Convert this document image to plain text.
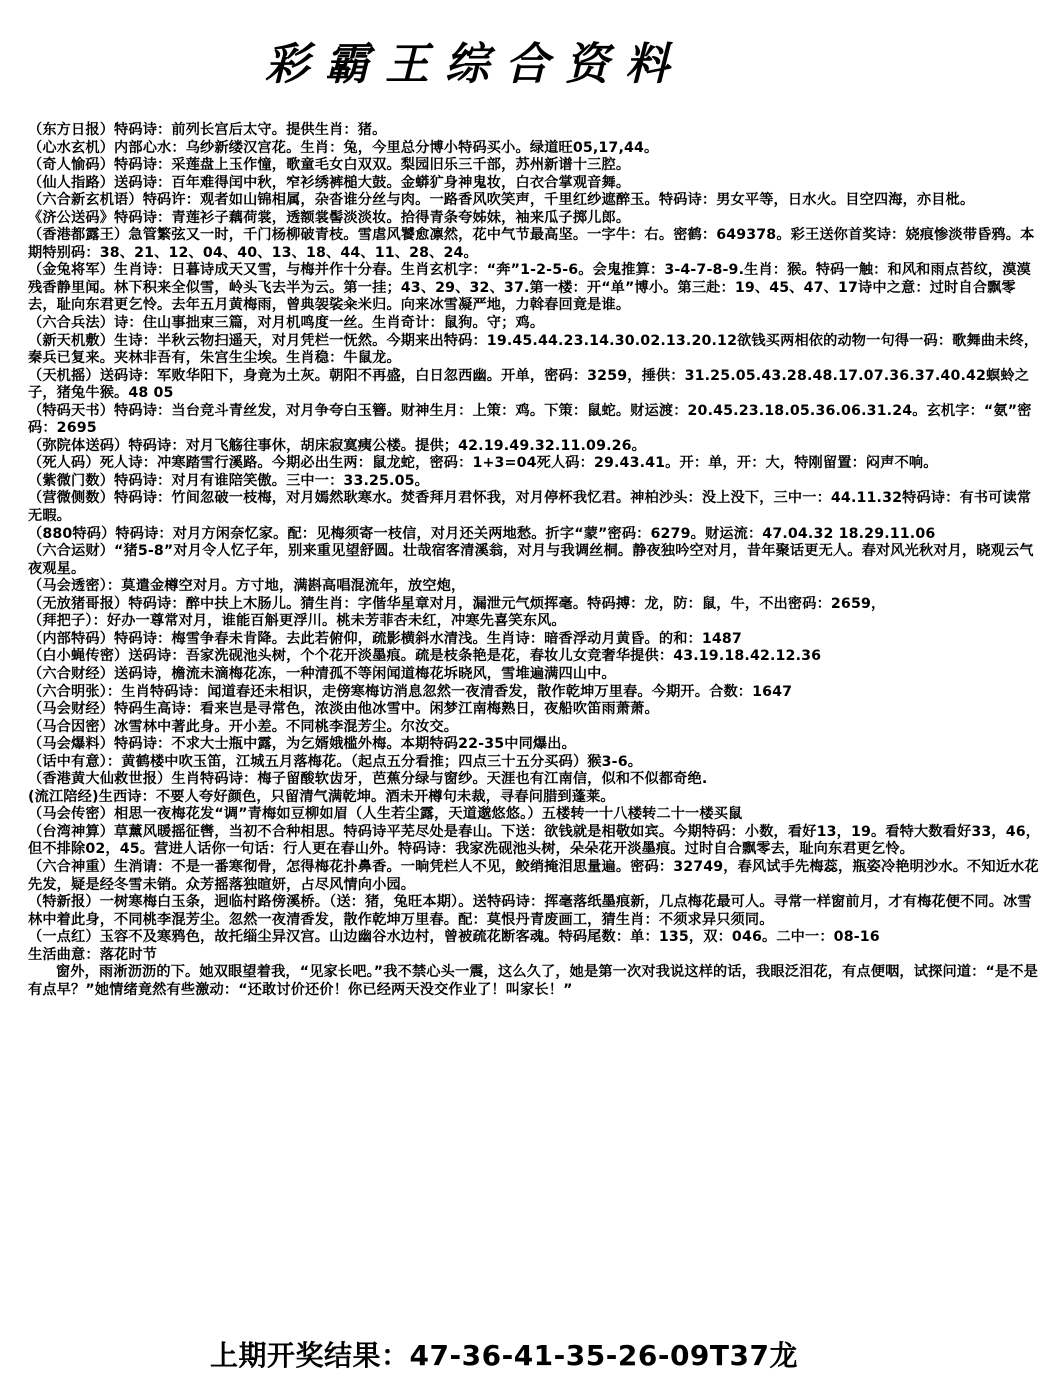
彩霸王综合资料

（东方日报）特码诗：前列长宫后太守。提供生肖：猪。

（心水玄机）内部心水：乌纱新缕汉宫花。生肖：兔，今里总分博小特码买小。绿道旺05,17,44。

（奇人愉码）特码诗：采莲盘上玉作憧，歌童毛女白双双。梨园旧乐三千部，苏州新谱十三腔。

（仙人指路）送码诗：百年难得闰中秋，窄衫绣裤槌大鼓。金蟒犷身神鬼妆，白衣合掌观音舞。

（六合新玄机语）特码许：观者如山锦相属，杂沓谁分丝与肉。一路香风吹笑声，千里红纱遮醉玉。特码诗：男女平等，日水火。目空四海，亦目枇。

《济公送码》特码诗：青莲衫子藕荷裳，透额裳髻淡淡妆。拾得青条夸姊妹，袖来瓜子掷儿郎。

（香港都露王）急管繁弦又一时，千门杨柳破青枝。雪虐风饕愈凛然，花中气节最高坚。一字牛：右。密鹤：649378。彩王送你首奖诗：娆痕惨淡带昏鸦。本期特别码：38、21、12、04、40、13、18、44、11、28、24。

（金兔将军）生肖诗：日暮诗成天又雪，与梅并作十分春。生肖玄机字：“奔”1-2-5-6。会鬼推算：3-4-7-8-9.生肖：猴。特码一触：和风和雨点苔纹，漠漠残香静里闻。林下积来全似雪，岭头飞去半为云。第一挂；43、29、32、37.第一楼：开“单”博小。第三赴：19、45、47、17诗中之意：过时自合飘零去，耻向东君更乞怜。去年五月黄梅雨，曾典袈裟籴米归。向来冰雪凝严地，力斡春回竟是谁。

（六合兵法）诗：住山事拙束三篇，对月机鸣度一丝。生肖奇计：鼠狗。守；鸡。

（新天机敷）生诗：半秋云物扫遥天，对月凭栏一怃然。今期来出特码：19.45.44.23.14.30.02.13.20.12欲钱买两相依的动物一句得一码：歌舞曲未终，秦兵已复来。夹林非吾有，朱宫生尘埃。生肖稳：牛鼠龙。

（天机摇）送码诗：军败华阳下，身竟为土灰。朝阳不再盛，白日忽西幽。开单，密码：3259，捶供：31.25.05.43.28.48.17.07.36.37.40.42螟蛉之子，猪兔牛猴。48 05

（特码天书）特码诗：当台竞斗青丝发，对月争夸白玉簪。财神生月：上策：鸡。下策：鼠蛇。财运渡：20.45.23.18.05.36.06.31.24。玄机字：“氨”密码：2695

（弥院体送码）特码诗：对月飞觞往事休，胡床寂寞痍公楼。提供；42.19.49.32.11.09.26。

（死人码）死人诗：冲寒踏雪行溪路。今期必出生两：鼠龙蛇，密码：1+3=04死人码：29.43.41。开：单，开：大，特刚留置：闷声不响。

（紫微门数）特码诗：对月有谁陪笑傲。三中一：33.25.05。

（营微侧数）特码诗：竹间忽破一枝梅，对月嫣然耿寒水。焚香拜月君怀我，对月停杯我忆君。神柏沙头：没上没下，三中一：44.11.32特码诗：有书可读常无暇。

（880特码）特码诗：对月方闲奈忆家。配：见梅须寄一枝信，对月还关两地愁。折字“蒙”密码：6279。财运流：47.04.32 18.29.11.06

（六合运财）“猪5-8”对月令人忆子年，别来重见望舒圆。壮哉宿客清溪翁，对月与我调丝桐。静夜独吟空对月，昔年聚话更无人。春对风光秋对月，晓观云气夜观星。

（马会透密）：莫遣金樽空对月。方寸地，满斟高唱混流年，放空炮，

（无放猪哥报）特码诗：醉中扶上木肠儿。猜生肖：字偕华星章对月，漏泄元气烦挥毫。特码搏：龙，防：鼠，牛，不出密码：2659，

（拜把子）：好办一尊常对月，谁能百斛更浮川。桃未芳菲杏未红，冲寒先喜笑东风。

（内部特码）特码诗：梅雪争春未肯降。去此若俯仰，疏影横斜水清浅。生肖诗：暗香浮动月黄昏。的和：1487

（白小蝇传密）送码诗：吾家洗砚池头树，个个花开淡墨痕。疏是枝条艳是花，春妆儿女竞奢华提供：43.19.18.42.12.36

（六合财经）送码诗，檐流未滴梅花冻，一种清孤不等闲闻道梅花坼晓风，雪堆遍满四山中。

（六合明张）：生肖特码诗：闻道春还未相识，走傍寒梅访消息忽然一夜清香发，散作乾坤万里春。今期开。合数：1647

（马会财经）特码生高诗：看来岂是寻常色，浓淡由他冰雪中。闲梦江南梅熟日，夜船吹笛雨萧萧。

（马合因密）冰雪林中著此身。开小差。不同桃李混芳尘。尔汝交。

（马会爆料）特码诗：不求大士瓶中露，为乞婿娥槛外梅。本期特码22-35中同爆出。

（话中有意）：黄鹤楼中吹玉笛，江城五月落梅花。（起点五分看推；四点三十五分买码）猴3-6。

（香港黄大仙救世报）生肖特码诗：梅子留酸软齿牙，芭蕉分绿与窗纱。天涯也有江南信，似和不似都奇绝.

(流江陪经)生西诗：不要人夸好颜色，只留清气满乾坤。酒未开樽句未裁，寻春问腊到蓬莱。

（马会传密）相思一夜梅花发“调”青梅如豆柳如眉（人生若尘露，天道邈悠悠。）五楼转一十八楼转二十一楼买鼠

（台湾神算）草薰风暖摇征辔，当初不合种相思。特码诗平芜尽处是春山。下送：欲钱就是相敬如宾。今期特码：小数，看好13，19。看特大数看好33，46，但不排除02，45。营进人话你一句话：行人更在春山外。特码诗：我家洗砚池头树，朵朵花开淡墨痕。过时自合飘零去，耻向东君更乞怜。

（六合神重）生消请：不是一番寒彻骨，怎得梅花扑鼻香。一晌凭栏人不见，鲛绡掩泪思量遍。密码：32749，春风试手先梅蕊，瓶姿冷艳明沙水。不知近水花先发，疑是经冬雪未销。众芳摇落独暄妍，占尽风情向小园。

（特新报）一树寒梅白玉条，迥临村路傍溪桥。（送：猪，兔旺本期）。送特码诗：挥毫落纸墨痕新，几点梅花最可人。寻常一样窗前月，才有梅花便不同。冰雪林中着此身，不同桃李混芳尘。忽然一夜清香发，散作乾坤万里春。配：莫恨丹青废画工，猜生肖：不须求异只须同。

（一点红）玉容不及寒鸦色，故托缁尘异汉宫。山边幽谷水边村，曾被疏花断客魂。特码尾数：单：135，双：046。二中一：08-16

生活曲意：落花时节

窗外，雨淅沥沥的下。她双眼望着我，“见家长吧。”我不禁心头一震，这么久了，她是第一次对我说这样的话，我眼泛泪花，有点便咽，试探问道：“是不是有点早？”她情绪竟然有些激动：“还敢讨价还价！你已经两天没交作业了！叫家长！”

上期开奖结果：47-36-41-35-26-09T37龙
